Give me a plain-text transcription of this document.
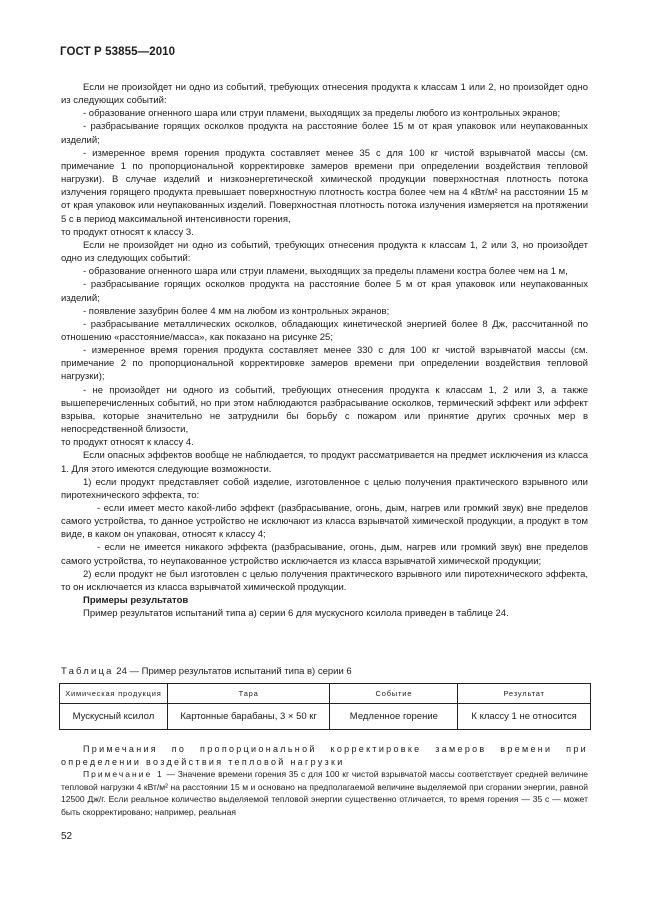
ГОСТ Р 53855—2010

Если не произойдет ни одно из событий, требующих отнесения продукта к классам 1 или 2, но произойдет одно из следующих событий:

- образование огненного шара или струи пламени, выходящих за пределы любого из контрольных экранов;

- разбрасывание горящих осколков продукта на расстояние более 15 м от края упаковок или неупакованных изделий;

- измеренное время горения продукта составляет менее 35 с для 100 кг чистой взрывчатой массы (см. примечание 1 по пропорциональной корректировке замеров времени при определении воздействия тепловой нагрузки). В случае изделий и низкоэнергетической химической продукции поверхностная плотность потока излучения горящего продукта превышает поверхностную плотность костра более чем на 4 кВт/м² на расстоянии 15 м от края упаковок или неупакованных изделий. Поверхностная плотность потока излучения измеряется на протяжении 5 с в период максимальной интенсивности горения,

то продукт относят к классу 3.

Если не произойдет ни одно из событий, требующих отнесения продукта к классам 1, 2 или 3, но произойдет одно из следующих событий:

- образование огненного шара или струи пламени, выходящих за пределы пламени костра более чем на 1 м,

- разбрасывание горящих осколков продукта на расстояние более 5 м от края упаковок или неупакованных изделий;

- появление зазубрин более 4 мм на любом из контрольных экранов;

- разбрасывание металлических осколков, обладающих кинетической энергией более 8 Дж, рассчитанной по отношению «расстояние/масса», как показано на рисунке 25;

- измеренное время горения продукта составляет менее 330 с для 100 кг чистой взрывчатой массы (см. примечание 2 по пропорциональной корректировке замеров времени при определении воздействия тепловой нагрузки);

- не произойдет ни одного из событий, требующих отнесения продукта к классам 1, 2 или 3, а также вышеперечисленных событий, но при этом наблюдаются разбрасывание осколков, термический эффект или эффект взрыва, которые значительно не затруднили бы борьбу с пожаром или принятие других срочных мер в непосредственной близости,

то продукт относят к классу 4.

Если опасных эффектов вообще не наблюдается, то продукт рассматривается на предмет исключения из класса 1. Для этого имеются следующие возможности.

1) если продукт представляет собой изделие, изготовленное с целью получения практического взрывного или пиротехнического эффекта, то:

- если имеет место какой-либо эффект (разбрасывание, огонь, дым, нагрев или громкий звук) вне пределов самого устройства, то данное устройство не исключают из класса взрывчатой химической продукции, а продукт в том виде, в каком он упакован, относят к классу 4;

- если не имеется никакого эффекта (разбрасывание, огонь, дым, нагрев или громкий звук) вне пределов самого устройства, то неупакованное устройство исключается из класса взрывчатой химической продукции;

2) если продукт не был изготовлен с целью получения практического взрывного или пиротехнического эффекта, то он исключается из класса взрывчатой химической продукции.

Примеры результатов

Пример результатов испытаний типа а) серии 6 для мускусного ксилола приведен в таблице 24.

Таблица 24 — Пример результатов испытаний типа в) серии 6
Химическая продукция	Тара	Событие	Результат
Мускусный ксилол	Картонные барабаны, 3 × 50 кг	Медленное горение	К классу 1 не относится

Примечания по пропорциональной корректировке замеров времени при определении воздействия тепловой нагрузки

Примечание 1 — Значение времени горения 35 с для 100 кг чистой взрывчатой массы соответствует средней величине тепловой нагрузки 4 кВт/м² на расстоянии 15 м и основано на предполагаемой величине выделяемой при сгорании энергии, равной 12500 Дж/г. Если реальное количество выделяемой тепловой энергии существенно отличается, то время горения — 35 с — может быть скорректировано; например, реальная

52
